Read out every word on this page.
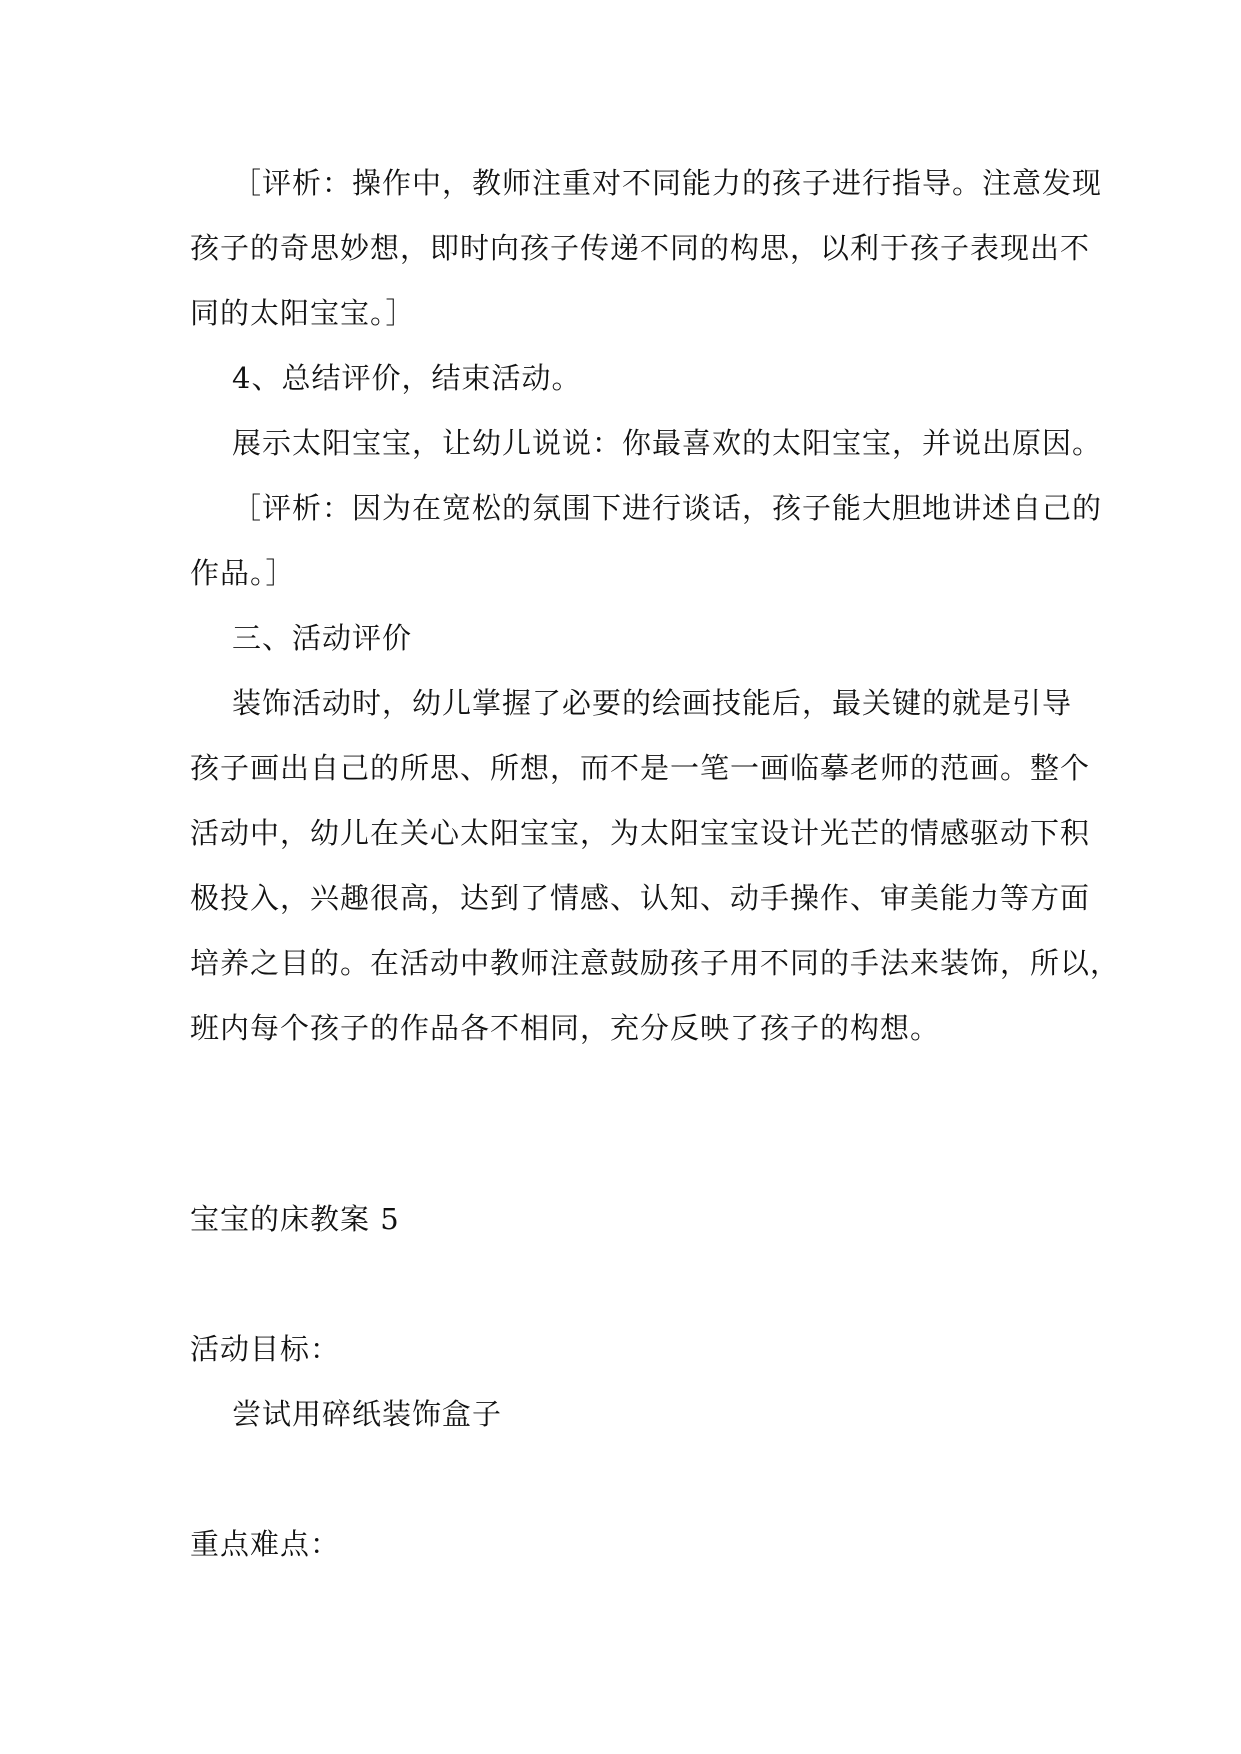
［评析：操作中，教师注重对不同能力的孩子进行指导。注意发现
孩子的奇思妙想，即时向孩子传递不同的构思，以利于孩子表现出不
同的太阳宝宝。］
4、总结评价，结束活动。
展示太阳宝宝，让幼儿说说：你最喜欢的太阳宝宝，并说出原因。
［评析：因为在宽松的氛围下进行谈话，孩子能大胆地讲述自己的
作品。］
三、活动评价
装饰活动时，幼儿掌握了必要的绘画技能后，最关键的就是引导
孩子画出自己的所思、所想，而不是一笔一画临摹老师的范画。整个
活动中，幼儿在关心太阳宝宝，为太阳宝宝设计光芒的情感驱动下积
极投入，兴趣很高，达到了情感、认知、动手操作、审美能力等方面
培养之目的。在活动中教师注意鼓励孩子用不同的手法来装饰，所以，
班内每个孩子的作品各不相同，充分反映了孩子的构想。
宝宝的床教案 5
活动目标：
尝试用碎纸装饰盒子
重点难点：
